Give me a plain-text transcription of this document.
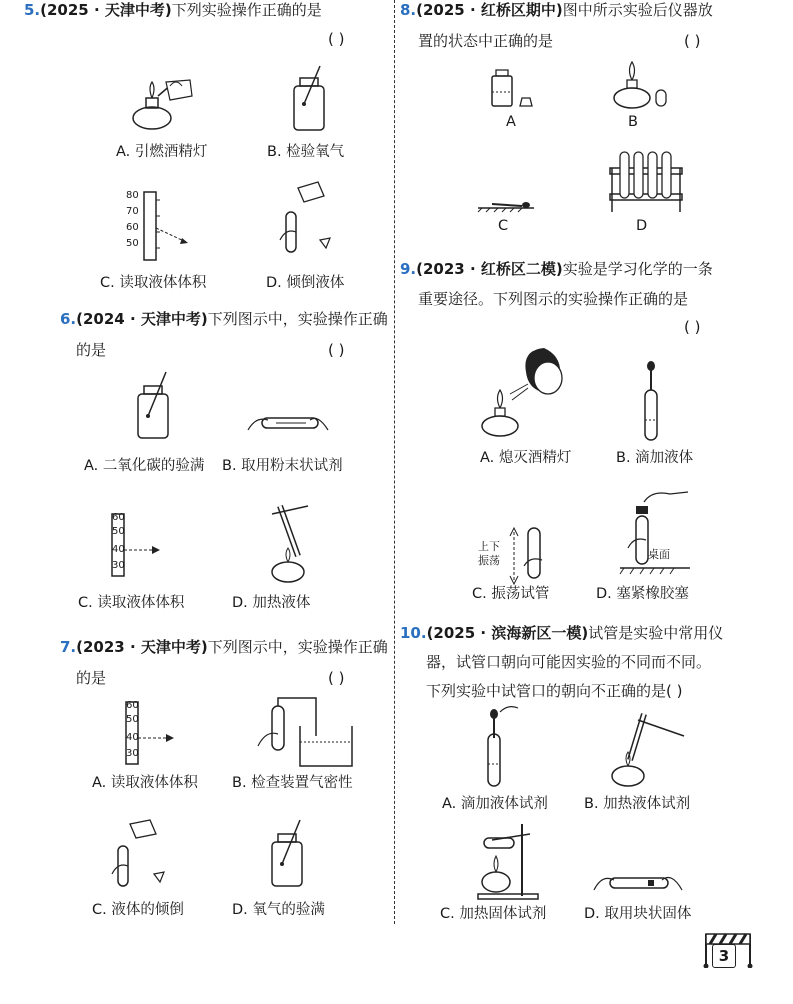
5.(2025 · 天津中考)下列实验操作正确的是
( )
A. 引燃酒精灯	B. 检验氧气
80
70
60
50
C. 读取液体体积	D. 倾倒液体
6.(2024 · 天津中考)下列图示中，实验操作正确
的是	( )
A. 二氧化碳的验满 B. 取用粉末状试剂
60
50
40
30
C. 读取液体体积	D. 加热液体
7.(2023 · 天津中考)下列图示中，实验操作正确
的是	( )
60
50
40
30
A. 读取液体体积 B. 检查装置气密性
C. 液体的倾倒	D. 氧气的验满
8.(2025 · 红桥区期中)图中所示实验后仪器放
置的状态中正确的是	( )
A	B
C	D
9.(2023 · 红桥区二模)实验是学习化学的一条
重要途径。下列图示的实验操作正确的是
( )
A. 熄灭酒精灯	B. 滴加液体
上下振荡
C. 振荡试管
桌面
D. 塞紧橡胶塞
10.(2025 · 滨海新区一模)试管是实验中常用仪
器，试管口朝向可能因实验的不同而不同。
下列实验中试管口的朝向不正确的是( )
A. 滴加液体试剂 B. 加热液体试剂
C. 加热固体试剂	D. 取用块状固体
3
